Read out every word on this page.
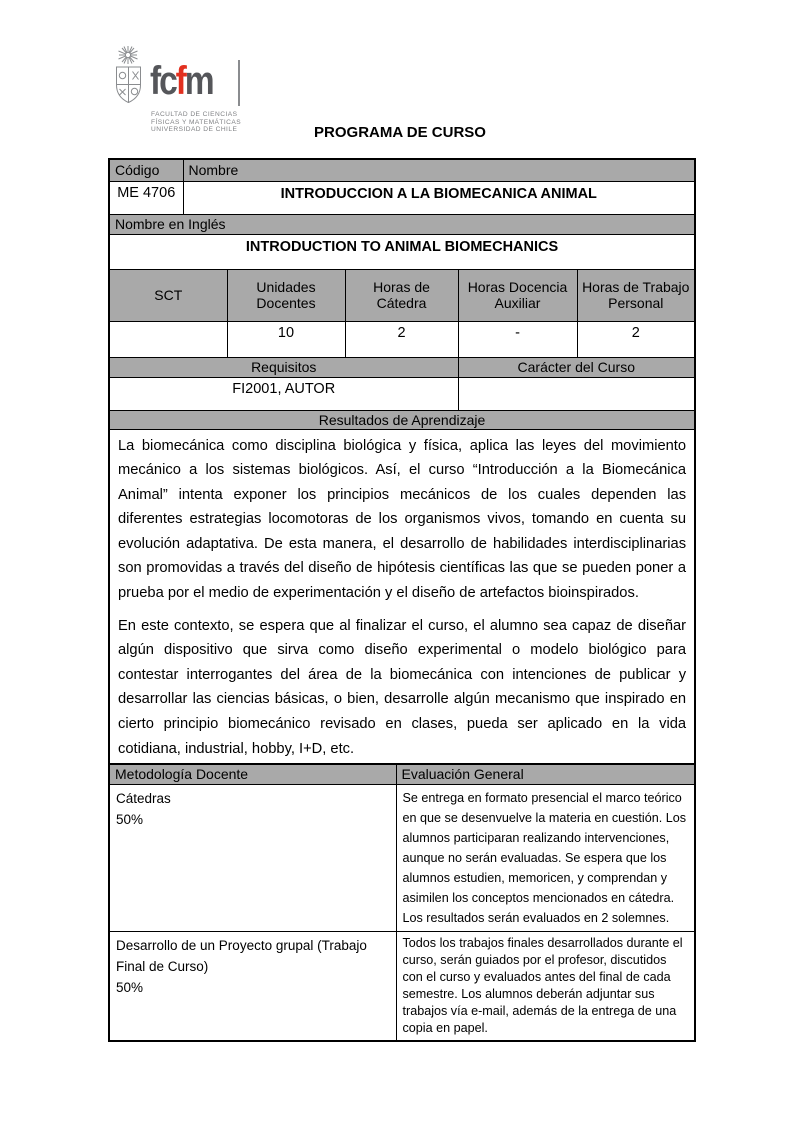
fcfm
FACULTAD DE CIENCIAS
FÍSICAS Y MATEMÁTICAS
UNIVERSIDAD DE CHILE	PROGRAMA DE CURSO
Código	Nombre				
ME 4706	INTRODUCCION A LA BIOMECANICA ANIMAL				
Nombre en Inglés					
INTRODUCTION TO ANIMAL BIOMECHANICS					
SCT		Unidades Docentes	Horas de Cátedra	Horas Docencia Auxiliar	Horas de Trabajo Personal
		10	2	-	2
Requisitos				Carácter del Curso	
FI2001, AUTOR					
Resultados de Aprendizaje					

La biomecánica como disciplina biológica y física, aplica las leyes del movimiento mecánico a los sistemas biológicos. Así, el curso “Introducción a la Biomecánica Animal” intenta exponer los principios mecánicos de los cuales dependen las diferentes estrategias locomotoras de los organismos vivos, tomando en cuenta su evolución adaptativa. De esta manera, el desarrollo de habilidades interdisciplinarias son promovidas a través del diseño de hipótesis científicas las que se pueden poner a prueba por el medio de experimentación y el diseño de artefactos bioinspirados.

En este contexto, se espera que al finalizar el curso, el alumno sea capaz de diseñar algún dispositivo que sirva como diseño experimental o modelo biológico para contestar interrogantes del área de la biomecánica con intenciones de publicar y desarrollar las ciencias básicas, o bien, desarrolle algún mecanismo que inspirado en cierto principio biomecánico revisado en clases, pueda ser aplicado en la vida cotidiana, industrial, hobby, I+D, etc.					

Metodología Docente	Evaluación General

Cátedras
50%	Se entrega en formato presencial el marco teórico en que se desenvuelve la materia en cuestión. Los alumnos participaran realizando intervenciones, aunque no serán evaluadas. Se espera que los alumnos estudien, memoricen, y comprendan y asimilen los conceptos mencionados en cátedra. Los resultados serán evaluados en 2 solemnes.

Desarrollo de un Proyecto grupal (Trabajo Final de Curso)
50%	Todos los trabajos finales desarrollados durante el curso, serán guiados por el profesor, discutidos con el curso y evaluados antes del final de cada semestre. Los alumnos deberán adjuntar sus trabajos vía e-mail, además de la entrega de una copia en papel.
